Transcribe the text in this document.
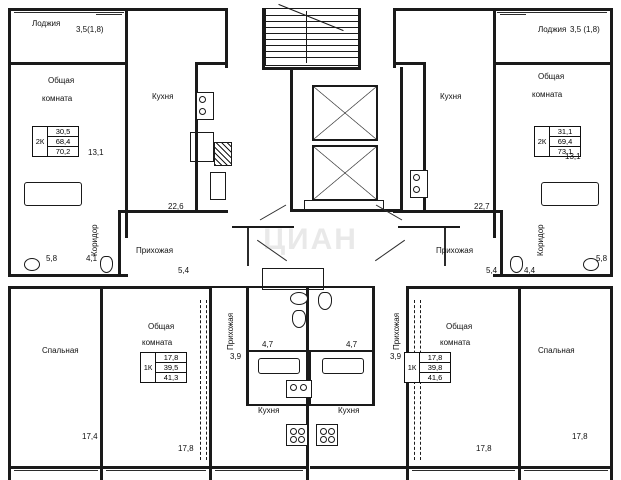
2К
30,5
68,4
70,2
2К
31,1
69,4
73,1
1К
17,8
39,5
41,3
1К
17,8
39,8
41,6
Лоджия
3,5(1,8)	Лоджия 3,5 (1,8)
Общая
комната
Общая
комната
Кухня	Кухня
13,1	13,1
22,6	22,7
Коридор	Коридор
Прихожая	Прихожая
5,8	4,1	5,8
4,4
5,4	5,4
Общая
комната
Общая
комната
Спальная	Спальная
Прихожая	Прихожая
Кухня	Кухня
3,9
4,7	4,7
3,9
17,4
17,8	17,8
17,8
ЦИАН
